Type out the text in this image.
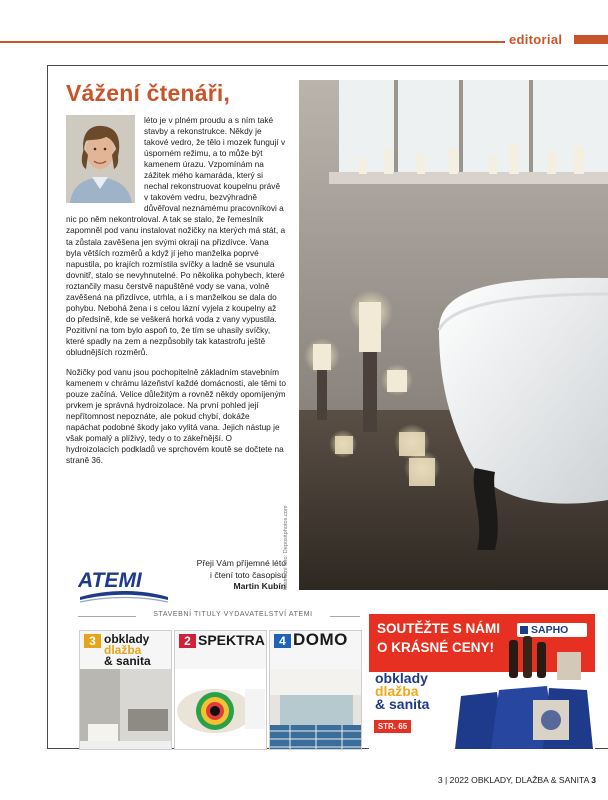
editorial
Vážení čtenáři,

léto je v plném proudu a s ním také stavby a rekonstrukce. Někdy je takové vedro, že tělo i mozek fungují v úsporném režimu, a to může být kamenem úrazu. Vzpomínám na zážitek mého kamaráda, který si nechal rekonstruovat koupelnu právě v takovém vedru, bezvýhradně důvěřoval neznámému pracovníkovi a nic po něm nekontroloval. A tak se stalo, že řemeslník zapomněl pod vanu instalovat nožičky na kterých má stát, a ta zůstala zavěšena jen svými okraji na přizdívce. Vana byla větších rozměrů a když jí jeho manželka poprvé napustila, po krajích rozmístila svíčky a ladně se vsunula dovnitř, stalo se nevyhnutelné. Po několika pohybech, které roztančily masu čerstvě napuštěné vody se vana, volně zavěšená na přizdívce, utrhla, a i s manželkou se dala do pohybu. Nebohá žena i s celou lázní vyjela z koupelny až do předsíně, kde se veškerá horká voda z vany vypustila. Pozitivní na tom bylo aspoň to, že tím se uhasily svíčky, které spadly na zem a nezpůsobily tak katastrofu ještě obludnějších rozměrů.

Nožičky pod vanu jsou pochopitelně základním stavebním kamenem v chrámu lázeňství každé domácnosti, ale těmi to pouze začíná. Velice důležitým a rovněž někdy opomíjeným prvkem je správná hydroizolace. Na první pohled její nepřítomnost nepoznáte, ale pokud chybí, dokáže napáchat podobné škody jako vylitá vana. Jejich nástup je však pomalý a plíživý, tedy o to zákeřnější. O hydroizolacích podkladů ve sprchovém koutě se dočtete na straně 36.

Přeji Vám příjemné léto
i čtení toto časopisu
Martin Kubín
ATEMI	Ilustrační foto: Depositphotos.com
STAVEBNÍ TITULY VYDAVATELSTVÍ ATEMI
3 obklady
dlažba
& sanita
2 SPEKTRA	4 DOMO
SOUTĚŽTE S NÁMI
O KRÁSNÉ CENY!
SAPHO
obklady
dlažba
& sanita
STR. 65
3 | 2022 OBKLADY, DLAŽBA & SANITA 3
